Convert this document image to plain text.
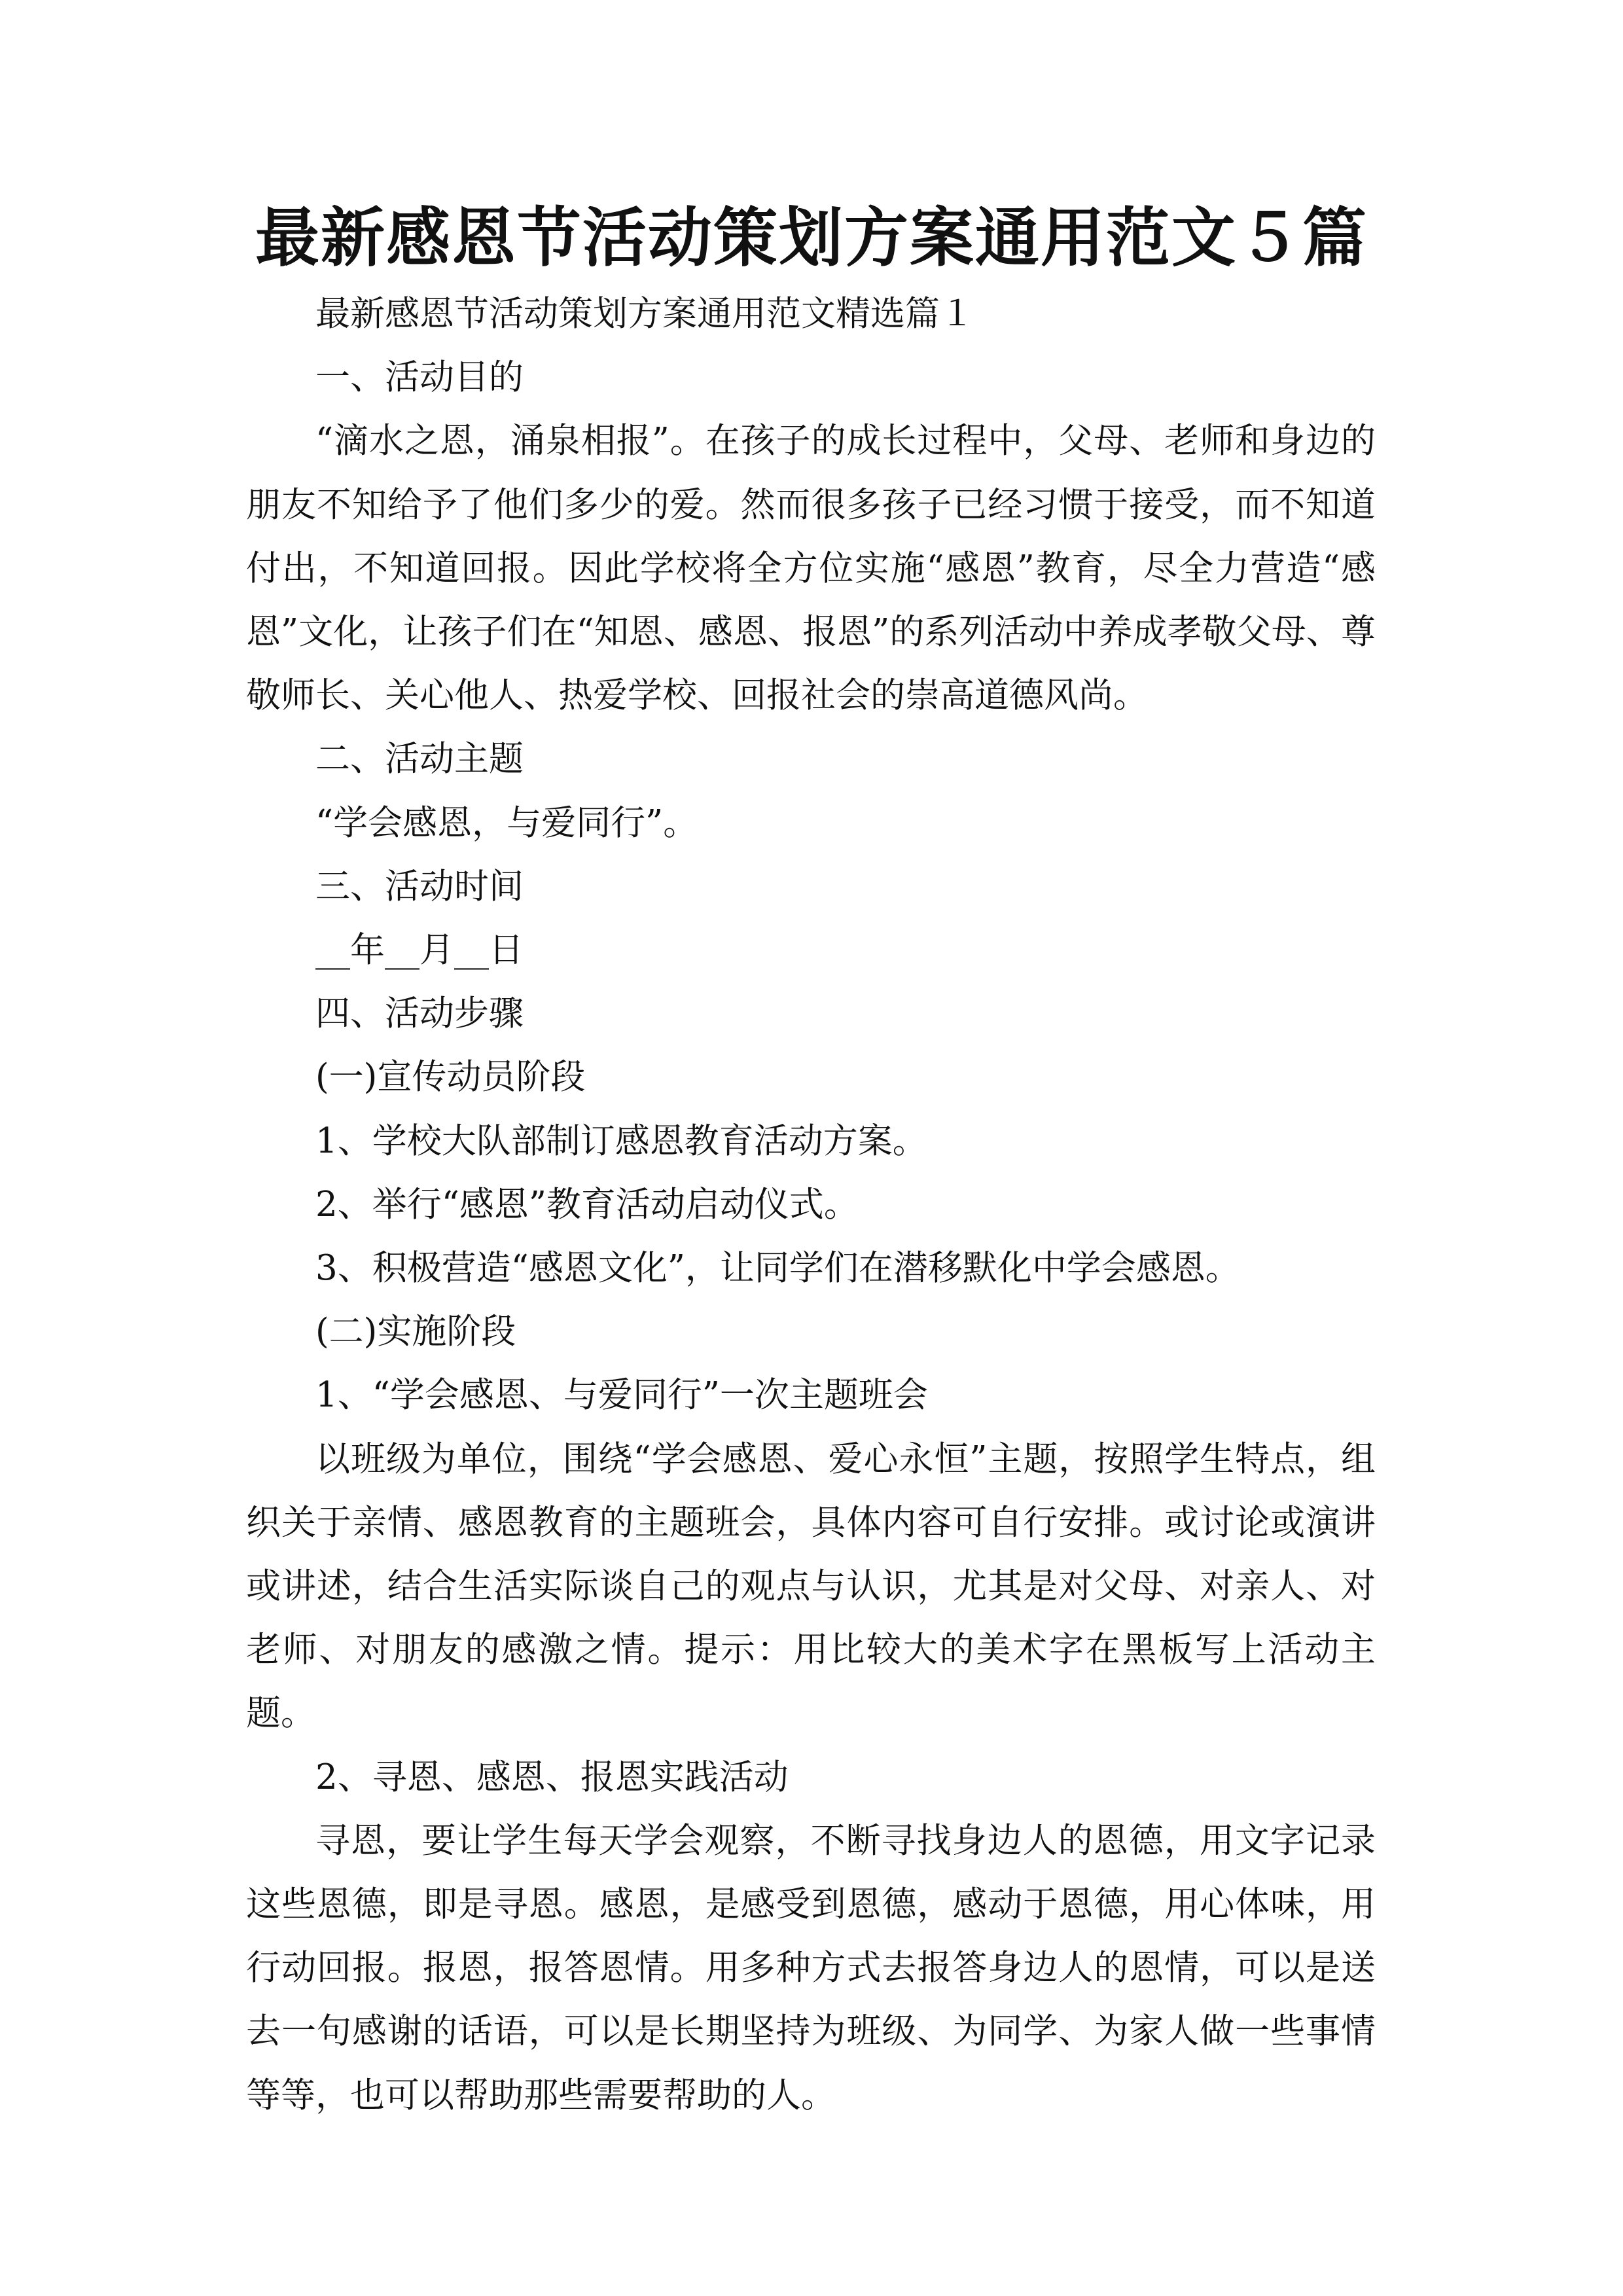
最新感恩节活动策划方案通用范文５篇

最新感恩节活动策划方案通用范文精选篇１

一、活动目的

“滴水之恩，涌泉相报”。在孩子的成长过程中，父母、老师和身边的朋友不知给予了他们多少的爱。然而很多孩子已经习惯于接受，而不知道付出，不知道回报。因此学校将全方位实施“感恩”教育，尽全力营造“感恩”文化，让孩子们在“知恩、感恩、报恩”的系列活动中养成孝敬父母、尊敬师长、关心他人、热爱学校、回报社会的崇高道德风尚。

二、活动主题

“学会感恩，与爱同行”。

三、活动时间

__年__月__日

四、活动步骤

(一)宣传动员阶段

1、学校大队部制订感恩教育活动方案。

2、举行“感恩”教育活动启动仪式。

3、积极营造“感恩文化”，让同学们在潜移默化中学会感恩。

(二)实施阶段

1、“学会感恩、与爱同行”一次主题班会

以班级为单位，围绕“学会感恩、爱心永恒”主题，按照学生特点，组织关于亲情、感恩教育的主题班会，具体内容可自行安排。或讨论或演讲或讲述，结合生活实际谈自己的观点与认识，尤其是对父母、对亲人、对老师、对朋友的感激之情。提示：用比较大的美术字在黑板写上活动主题。

2、寻恩、感恩、报恩实践活动

寻恩，要让学生每天学会观察，不断寻找身边人的恩德，用文字记录这些恩德，即是寻恩。感恩，是感受到恩德，感动于恩德，用心体味，用行动回报。报恩，报答恩情。用多种方式去报答身边人的恩情，可以是送去一句感谢的话语，可以是长期坚持为班级、为同学、为家人做一些事情等等，也可以帮助那些需要帮助的人。
